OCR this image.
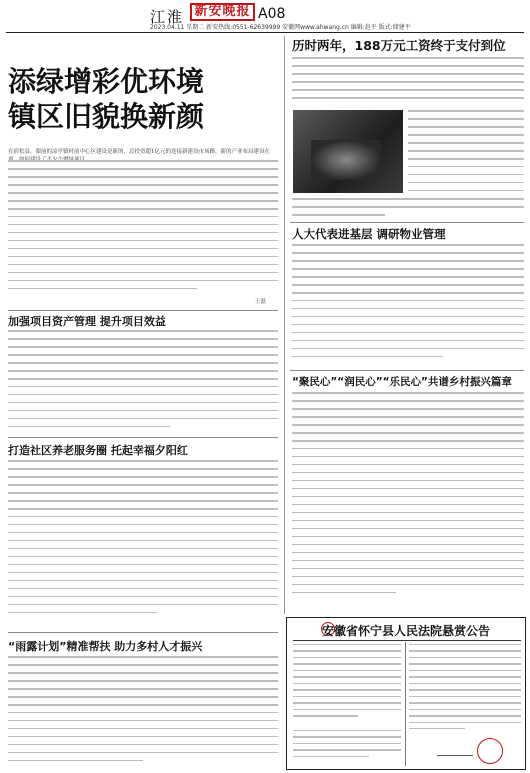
江淮 新安晚报 A08
2023.04.11 星期二 新安热线:0551-62639999 安徽网www.ahwang.cn 编辑:赵平 版式:储建平
添绿增彩优环境
镇区旧貌换新颜
在宿松县，眼前的凉亭镇村前中心区建设是新的，总投资超1亿元的连接新建设市场路，新的产业布局建设在
王磊
加强项目资产管理 提升项目效益
打造社区养老服务圈 托起幸福夕阳红
“雨露计划”精准帮扶 助力多村人才振兴
历时两年，188万元工资终于支付到位
人大代表进基层 调研物业管理
“聚民心”“润民心”“乐民心”共谱乡村振兴篇章
安徽省怀宁县人民法院悬赏公告
